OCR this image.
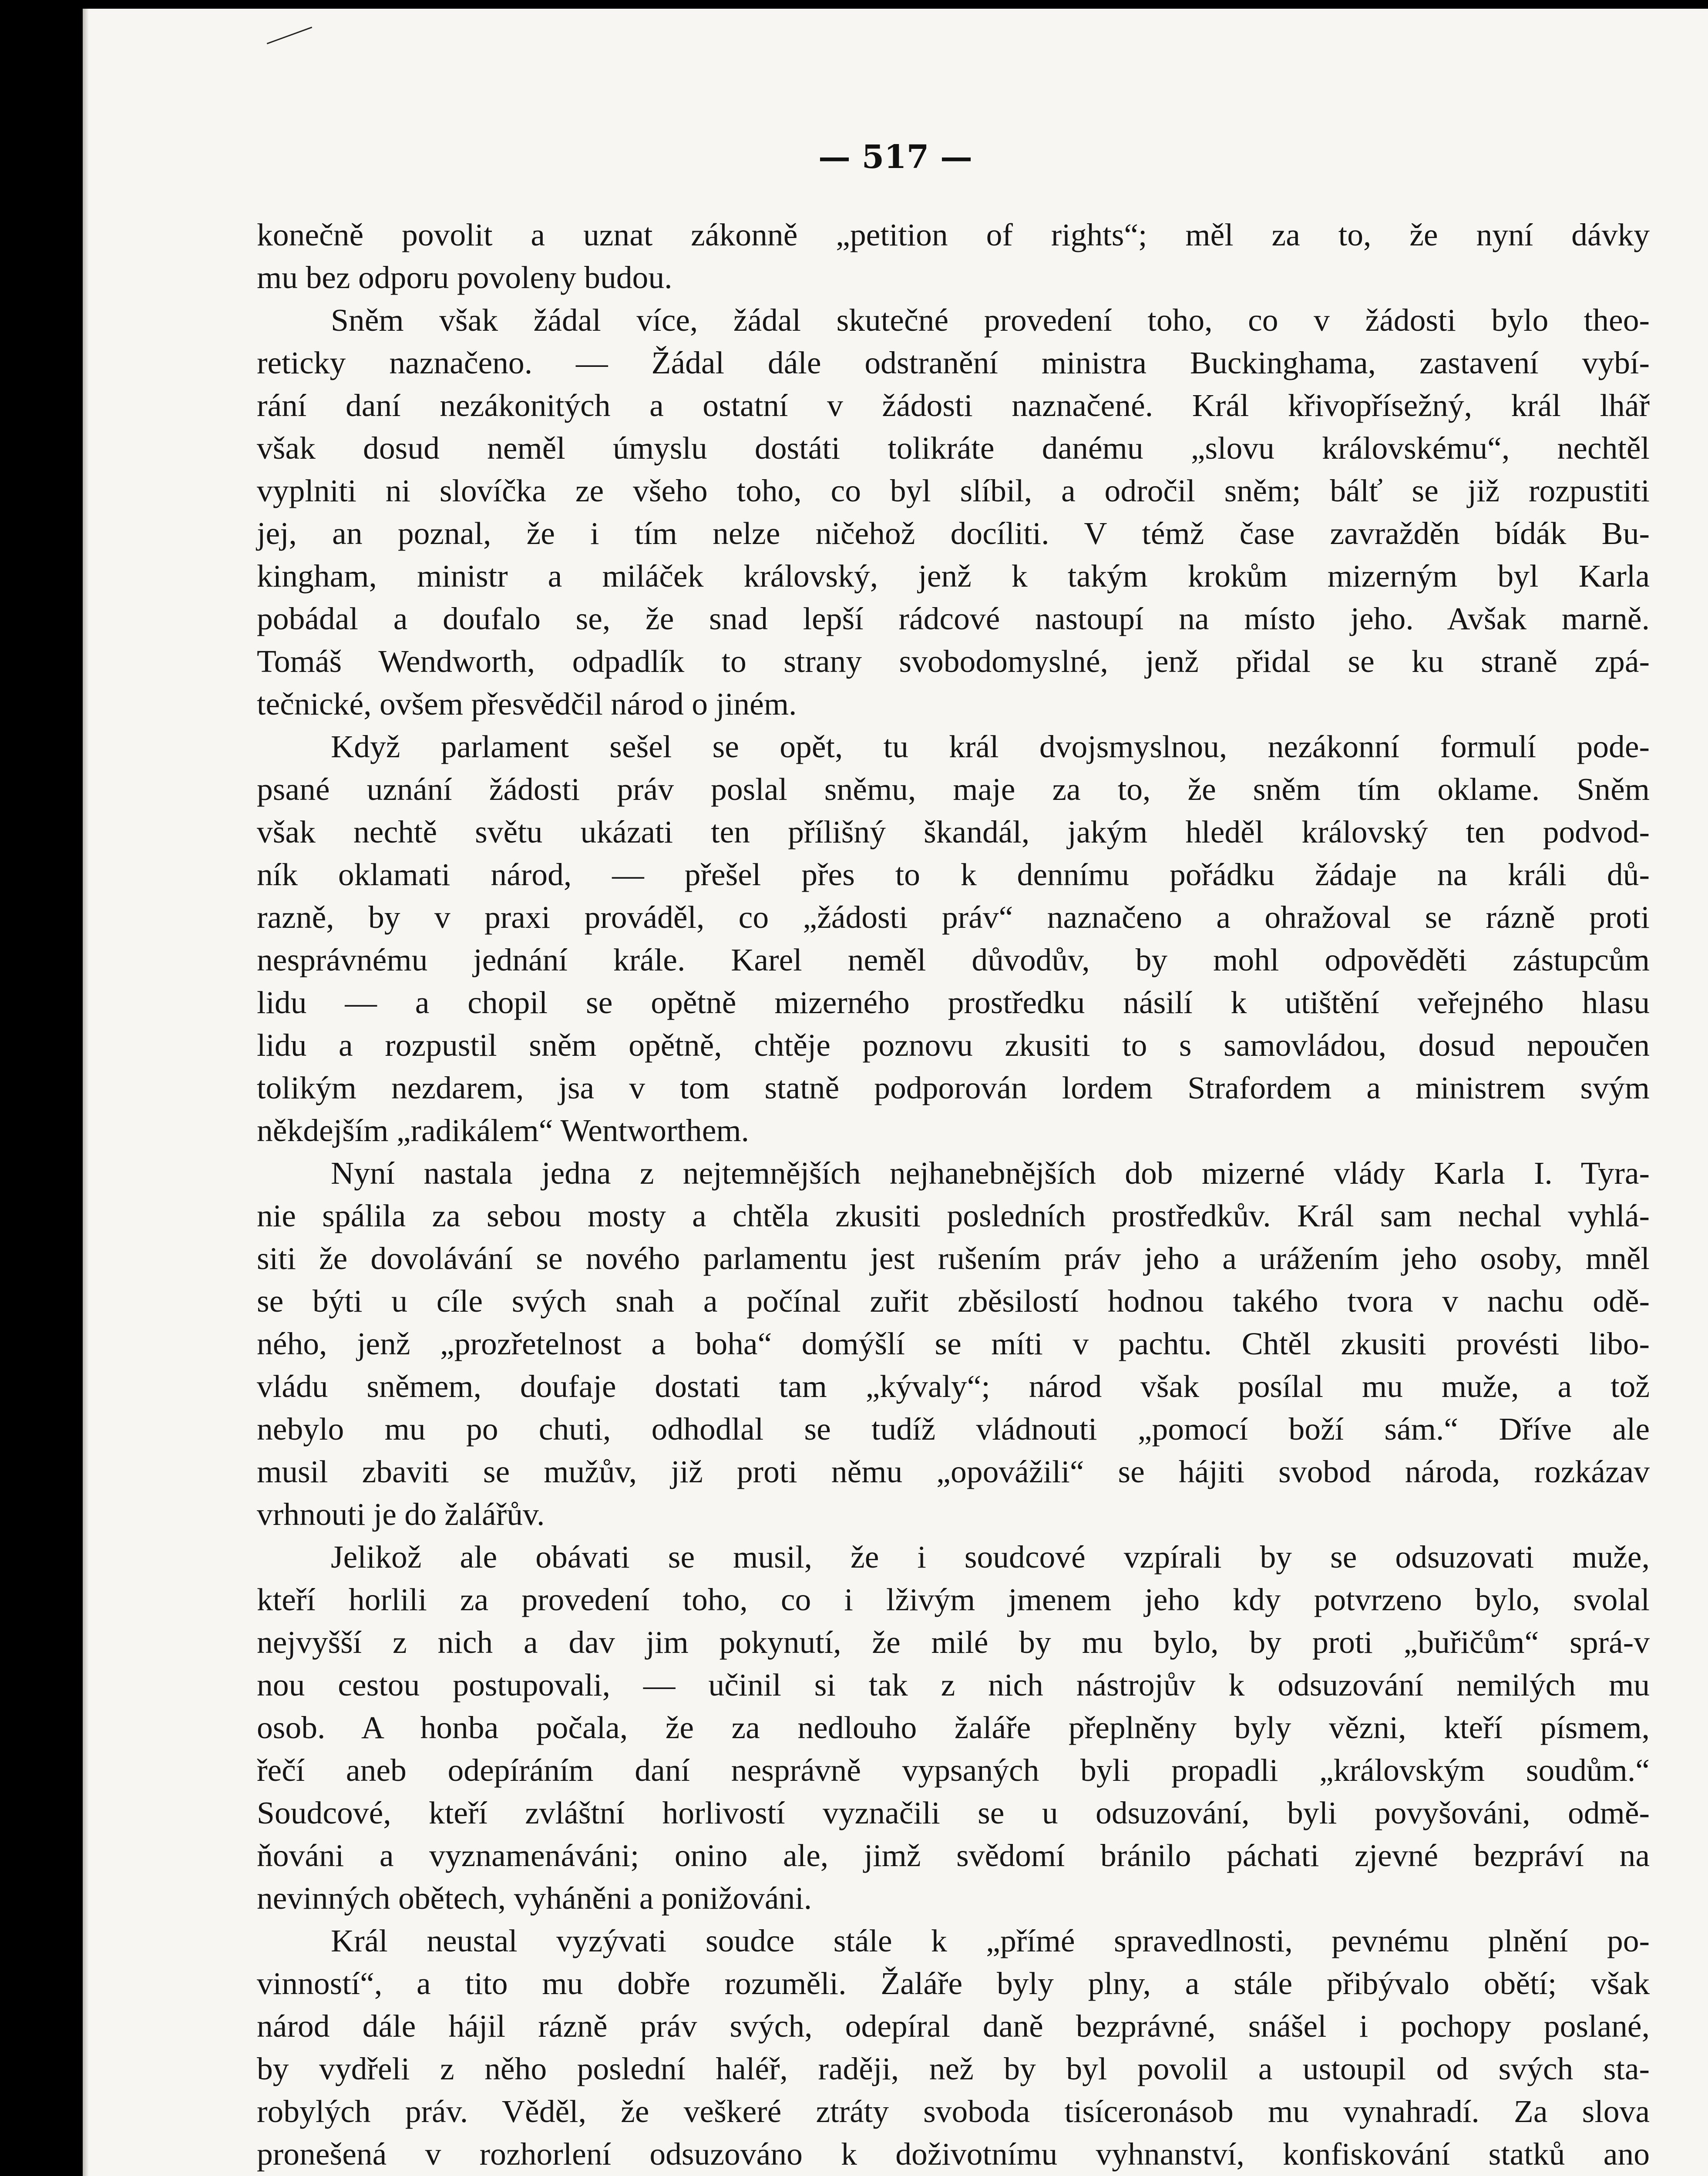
— 517 —
konečně povolit a uznat zákonně „petition of rights“; měl za to, že nyní dávky
mu bez odporu povoleny budou.
Sněm však žádal více, žádal skutečné provedení toho, co v žádosti bylo theo-
reticky naznačeno. — Žádal dále odstranění ministra Buckinghama, zastavení vybí-
rání daní nezákonitých a ostatní v žádosti naznačené. Král křivopřísežný, král lhář
však dosud neměl úmyslu dostáti tolikráte danému „slovu královskému“, nechtěl
vyplniti ni slovíčka ze všeho toho, co byl slíbil, a odročil sněm; bálť se již rozpustiti
jej, an poznal, že i tím nelze ničehož docíliti. V témž čase zavražděn bídák Bu-
kingham, ministr a miláček královský, jenž k takým krokům mizerným byl Karla
pobádal a doufalo se, že snad lepší rádcové nastoupí na místo jeho. Avšak marně.
Tomáš Wendworth, odpadlík to strany svobodomyslné, jenž přidal se ku straně zpá-
tečnické, ovšem přesvědčil národ o jiném.
Když parlament sešel se opět, tu král dvojsmyslnou, nezákonní formulí pode-
psané uznání žádosti práv poslal sněmu, maje za to, že sněm tím oklame. Sněm
však nechtě světu ukázati ten přílišný škandál, jakým hleděl královský ten podvod-
ník oklamati národ, — přešel přes to k dennímu pořádku žádaje na králi dů-
razně, by v praxi prováděl, co „žádosti práv“ naznačeno a ohražoval se rázně proti
nesprávnému jednání krále. Karel neměl důvodův, by mohl odpověděti zástupcům
lidu — a chopil se opětně mizerného prostředku násilí k utištění veřejného hlasu
lidu a rozpustil sněm opětně, chtěje poznovu zkusiti to s samovládou, dosud nepoučen
tolikým nezdarem, jsa v tom statně podporován lordem Strafordem a ministrem svým
někdejším „radikálem“ Wentworthem.
Nyní nastala jedna z nejtemnějších nejhanebnějších dob mizerné vlády Karla I. Tyra-
nie spálila za sebou mosty a chtěla zkusiti posledních prostředkův. Král sam nechal vyhlá-
siti že dovolávání se nového parlamentu jest rušením práv jeho a urážením jeho osoby, mněl
se býti u cíle svých snah a počínal zuřit zběsilostí hodnou takého tvora v nachu odě-
ného, jenž „prozřetelnost a boha“ domýšlí se míti v pachtu. Chtěl zkusiti provésti libo-
vládu sněmem, doufaje dostati tam „kývaly“; národ však posílal mu muže, a tož
nebylo mu po chuti, odhodlal se tudíž vládnouti „pomocí boží sám.“ Dříve ale
musil zbaviti se mužův, již proti němu „opovážili“ se hájiti svobod národa, rozkázav
vrhnouti je do žalářův.
Jelikož ale obávati se musil, že i soudcové vzpírali by se odsuzovati muže,
kteří horlili za provedení toho, co i lživým jmenem jeho kdy potvrzeno bylo, svolal
nejvyšší z nich a dav jim pokynutí, že milé by mu bylo, by proti „buřičům“ sprá-v
nou cestou postupovali, — učinil si tak z nich nástrojův k odsuzování nemilých mu
osob. A honba počala, že za nedlouho žaláře přeplněny byly vězni, kteří písmem,
řečí aneb odepíráním daní nesprávně vypsaných byli propadli „královským soudům.“
Soudcové, kteří zvláštní horlivostí vyznačili se u odsuzování, byli povyšováni, odmě-
ňováni a vyznamenáváni; onino ale, jimž svědomí bránilo páchati zjevné bezpráví na
nevinných obětech, vyháněni a ponižováni.
Král neustal vyzývati soudce stále k „přímé spravedlnosti, pevnému plnění po-
vinností“, a tito mu dobře rozuměli. Žaláře byly plny, a stále přibývalo obětí; však
národ dále hájil rázně práv svých, odepíral daně bezprávné, snášel i pochopy poslané,
by vydřeli z něho poslední haléř, raději, než by byl povolil a ustoupil od svých sta-
robylých práv. Věděl, že veškeré ztráty svoboda tisíceronásob mu vynahradí. Za slova
pronešená v rozhorlení odsuzováno k doživotnímu vyhnanství, konfiskování statků ano
